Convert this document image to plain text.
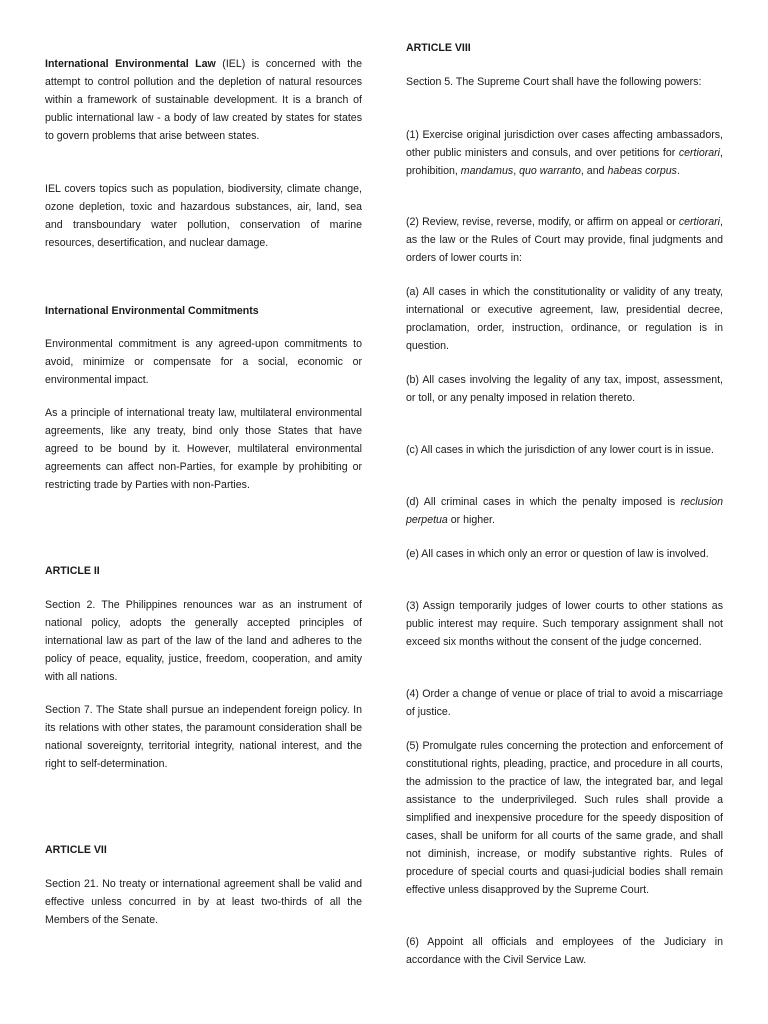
International Environmental Law (IEL) is concerned with the attempt to control pollution and the depletion of natural resources within a framework of sustainable development. It is a branch of public international law - a body of law created by states for states to govern problems that arise between states.

IEL covers topics such as population, biodiversity, climate change, ozone depletion, toxic and hazardous substances, air, land, sea and transboundary water pollution, conservation of marine resources, desertification, and nuclear damage.

International Environmental Commitments

Environmental commitment is any agreed-upon commitments to avoid, minimize or compensate for a social, economic or environmental impact.

As a principle of international treaty law, multilateral environmental agreements, like any treaty, bind only those States that have agreed to be bound by it. However, multilateral environmental agreements can affect non-Parties, for example by prohibiting or restricting trade by Parties with non-Parties.

ARTICLE II

Section 2. The Philippines renounces war as an instrument of national policy, adopts the generally accepted principles of international law as part of the law of the land and adheres to the policy of peace, equality, justice, freedom, cooperation, and amity with all nations.

Section 7. The State shall pursue an independent foreign policy. In its relations with other states, the paramount consideration shall be national sovereignty, territorial integrity, national interest, and the right to self-determination.

ARTICLE VII

Section 21. No treaty or international agreement shall be valid and effective unless concurred in by at least two-thirds of all the Members of the Senate.

ARTICLE VIII

Section 5. The Supreme Court shall have the following powers:

(1) Exercise original jurisdiction over cases affecting ambassadors, other public ministers and consuls, and over petitions for certiorari, prohibition, mandamus, quo warranto, and habeas corpus.

(2) Review, revise, reverse, modify, or affirm on appeal or certiorari, as the law or the Rules of Court may provide, final judgments and orders of lower courts in:

(a) All cases in which the constitutionality or validity of any treaty, international or executive agreement, law, presidential decree, proclamation, order, instruction, ordinance, or regulation is in question.

(b) All cases involving the legality of any tax, impost, assessment, or toll, or any penalty imposed in relation thereto.

(c) All cases in which the jurisdiction of any lower court is in issue.

(d) All criminal cases in which the penalty imposed is reclusion perpetua or higher.

(e) All cases in which only an error or question of law is involved.

(3) Assign temporarily judges of lower courts to other stations as public interest may require. Such temporary assignment shall not exceed six months without the consent of the judge concerned.

(4) Order a change of venue or place of trial to avoid a miscarriage of justice.

(5) Promulgate rules concerning the protection and enforcement of constitutional rights, pleading, practice, and procedure in all courts, the admission to the practice of law, the integrated bar, and legal assistance to the underprivileged. Such rules shall provide a simplified and inexpensive procedure for the speedy disposition of cases, shall be uniform for all courts of the same grade, and shall not diminish, increase, or modify substantive rights. Rules of procedure of special courts and quasi-judicial bodies shall remain effective unless disapproved by the Supreme Court.

(6) Appoint all officials and employees of the Judiciary in accordance with the Civil Service Law.
